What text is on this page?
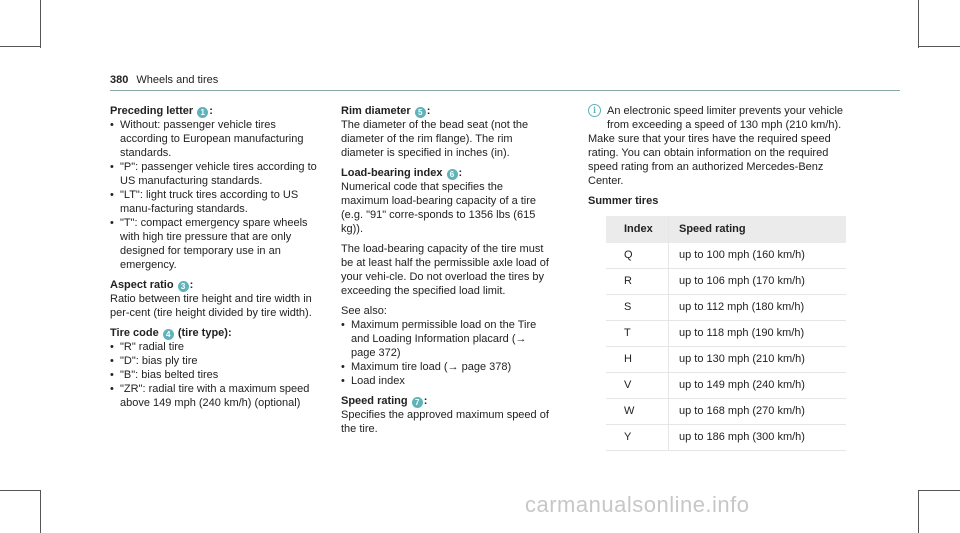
380 Wheels and tires
Preceding letter 1 :
• Without: passenger vehicle tires according to European manufacturing standards.
• "P": passenger vehicle tires according to US manufacturing standards.
• "LT": light truck tires according to US manu-facturing standards.
• "T": compact emergency spare wheels with high tire pressure that are only designed for temporary use in an emergency.
Aspect ratio 3 :

Ratio between tire height and tire width in per-cent (tire height divided by tire width).

Tire code 4 (tire type):
• "R" radial tire
• "D": bias ply tire
• "B": bias belted tires
• "ZR": radial tire with a maximum speed above 149 mph (240 km/h) (optional)
Rim diameter 5 :

The diameter of the bead seat (not the diameter of the rim flange). The rim diameter is specified in inches (in).

Load-bearing index 6 :

Numerical code that specifies the maximum load-bearing capacity of a tire (e.g. "91" corre-sponds to 1356 lbs (615 kg)).

The load-bearing capacity of the tire must be at least half the permissible axle load of your vehi-cle. Do not overload the tires by exceeding the specified load limit.

See also:

• Maximum permissible load on the Tire and Loading Information placard (→ page 372)
• Maximum tire load (→ page 378)
• Load index
Speed rating 7 :

Specifies the approved maximum speed of the tire.

i An electronic speed limiter prevents your vehicle from exceeding a speed of 130 mph (210 km/h).

Make sure that your tires have the required speed rating. You can obtain information on the required speed rating from an authorized Mercedes-Benz Center.

Summer tires
Index	Speed rating
Q	up to 100 mph (160 km/h)
R	up to 106 mph (170 km/h)
S	up to 112 mph (180 km/h)
T	up to 118 mph (190 km/h)
H	up to 130 mph (210 km/h)
V	up to 149 mph (240 km/h)
W	up to 168 mph (270 km/h)
Y	up to 186 mph (300 km/h)
carmanualsonline.info
